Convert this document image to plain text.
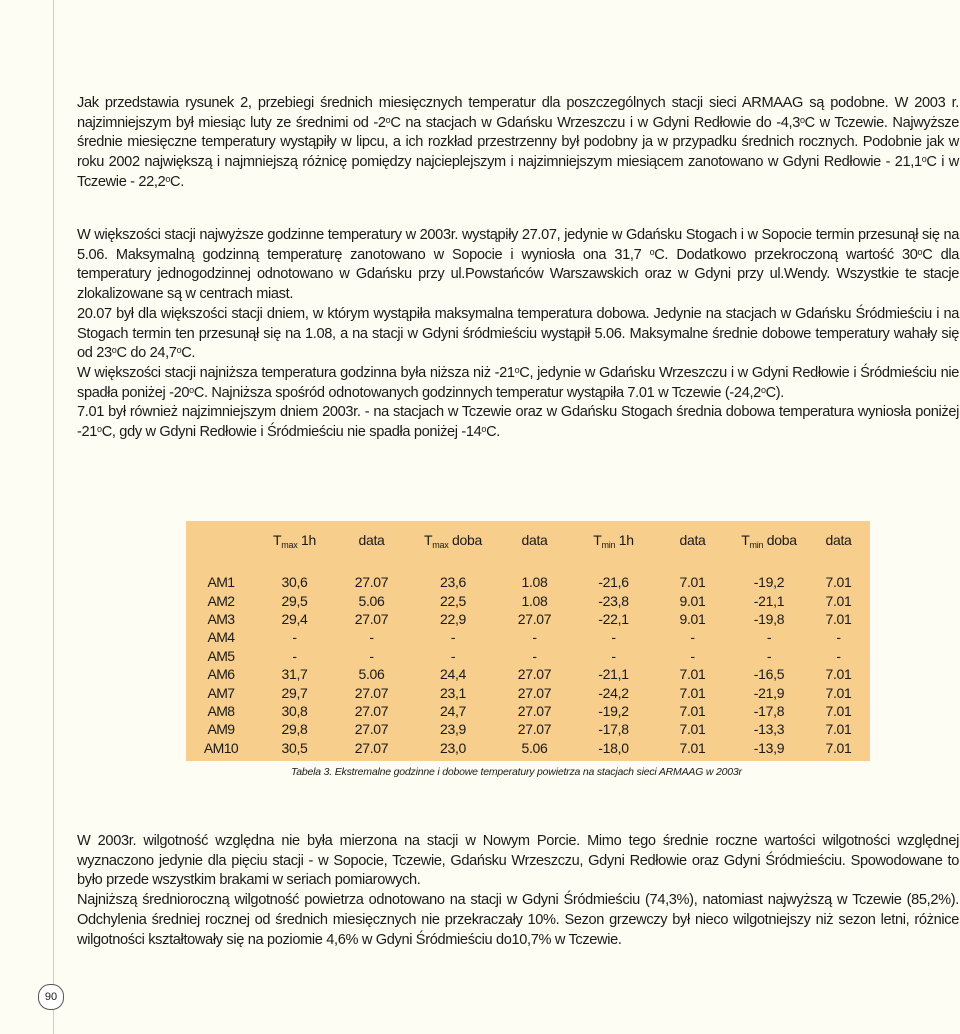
Jak przedstawia rysunek 2, przebiegi średnich miesięcznych temperatur dla poszczególnych stacji sieci ARMAAG są podobne. W 2003 r. najzimniejszym był miesiąc luty ze średnimi od -2$^o$C na stacjach w Gdańsku Wrzeszczu i w Gdyni Redłowie do -4,3$^o$C w Tczewie. Najwyższe średnie miesięczne temperatury wystąpiły w lipcu, a ich rozkład przestrzenny był podobny ja w przypadku średnich rocznych. Podobnie jak w roku 2002 największą i najmniejszą różnicę pomiędzy najcieplejszym i najzimniejszym miesiącem zanotowano w Gdyni Redłowie - 21,1$^o$C i w Tczewie - 22,2$^o$C.

W większości stacji najwyższe godzinne temperatury w 2003r. wystąpiły 27.07, jedynie w Gdańsku Stogach i w Sopocie termin przesunął się na 5.06. Maksymalną godzinną temperaturę zanotowano w Sopocie i wyniosła ona 31,7 $^o$C. Dodatkowo przekroczoną wartość 30$^o$C dla temperatury jednogodzinnej odnotowano w Gdańsku przy ul.Powstańców Warszawskich oraz w Gdyni przy ul.Wendy. Wszystkie te stacje zlokalizowane są w centrach miast.

20.07 był dla większości stacji dniem, w którym wystąpiła maksymalna temperatura dobowa. Jedynie na stacjach w Gdańsku Śródmieściu i na Stogach termin ten przesunął się na 1.08, a na stacji w Gdyni śródmieściu wystąpił 5.06. Maksymalne średnie dobowe temperatury wahały się od 23$^o$C do 24,7$^o$C.

W większości stacji najniższa temperatura godzinna była niższa niż -21$^o$C, jedynie w Gdańsku Wrzeszczu i w Gdyni Redłowie i Śródmieściu nie spadła poniżej -20$^o$C. Najniższa spośród odnotowanych godzinnych temperatur wystąpiła 7.01 w Tczewie (-24,2$^o$C).

7.01 był również najzimniejszym dniem 2003r. - na stacjach w Tczewie oraz w Gdańsku Stogach średnia dobowa temperatura wyniosła poniżej -21$^o$C, gdy w Gdyni Redłowie i Śródmieściu nie spadła poniżej -14$^o$C.

	$T_{max}$ 1h	data	$T_{max}$ doba	data	$T_{min}$ 1h	data	$T_{min}$ doba	data

AM1	30,6	27.07	23,6	1.08	-21,6	7.01	-19,2	7.01
AM2	29,5	5.06	22,5	1.08	-23,8	9.01	-21,1	7.01
AM3	29,4	27.07	22,9	27.07	-22,1	9.01	-19,8	7.01
AM4	-	-	-	-	-	-	-	-
AM5	-	-	-	-	-	-	-	-
AM6	31,7	5.06	24,4	27.07	-21,1	7.01	-16,5	7.01
AM7	29,7	27.07	23,1	27.07	-24,2	7.01	-21,9	7.01
AM8	30,8	27.07	24,7	27.07	-19,2	7.01	-17,8	7.01
AM9	29,8	27.07	23,9	27.07	-17,8	7.01	-13,3	7.01
AM10	30,5	27.07	23,0	5.06	-18,0	7.01	-13,9	7.01
Tabela 3. Ekstremalne godzinne i dobowe temperatury powietrza na stacjach sieci ARMAAG w 2003r

W 2003r. wilgotność względna nie była mierzona na stacji w Nowym Porcie. Mimo tego średnie roczne wartości wilgotności względnej wyznaczono jedynie dla pięciu stacji - w Sopocie, Tczewie, Gdańsku Wrzeszczu, Gdyni Redłowie oraz Gdyni Śródmieściu. Spowodowane to było przede wszystkim brakami w seriach pomiarowych.

Najniższą średnioroczną wilgotność powietrza odnotowano na stacji w Gdyni Śródmieściu (74,3%), natomiast najwyższą w Tczewie (85,2%). Odchylenia średniej rocznej od średnich miesięcznych nie przekraczały 10%. Sezon grzewczy był nieco wilgotniejszy niż sezon letni, różnice wilgotności kształtowały się na poziomie 4,6% w Gdyni Śródmieściu do10,7% w Tczewie.

90
